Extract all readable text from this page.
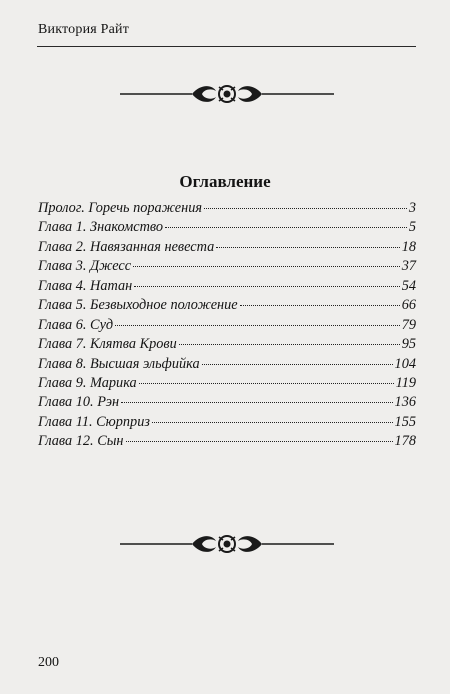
Виктория Райт
Оглавление
Пролог. Горечь поражения	3
Глава 1. Знакомство	5
Глава 2. Навязанная невеста	18
Глава 3. Джесс	37
Глава 4. Натан	54
Глава 5. Безвыходное положение	66
Глава 6. Суд	79
Глава 7. Клятва Крови	95
Глава 8. Высшая эльфийка	104
Глава 9. Марика	119
Глава 10. Рэн	136
Глава 11. Сюрприз	155
Глава 12. Сын	178
200
